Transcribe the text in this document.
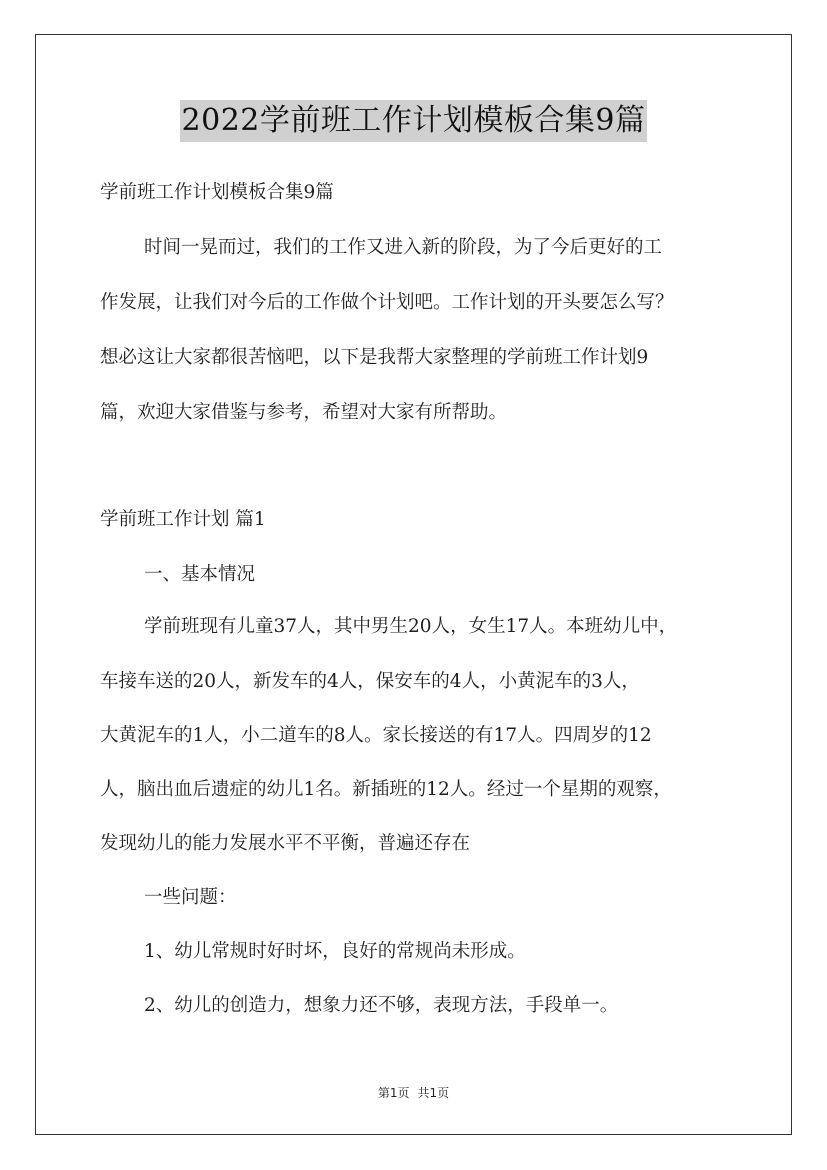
2022学前班工作计划模板合集9篇
学前班工作计划模板合集9篇
时间一晃而过，我们的工作又进入新的阶段，为了今后更好的工
作发展，让我们对今后的工作做个计划吧。工作计划的开头要怎么写？
想必这让大家都很苦恼吧，以下是我帮大家整理的学前班工作计划9
篇，欢迎大家借鉴与参考，希望对大家有所帮助。
学前班工作计划 篇1
一、基本情况
学前班现有儿童37人，其中男生20人，女生17人。本班幼儿中，
车接车送的20人，新发车的4人，保安车的4人，小黄泥车的3人，
大黄泥车的1人，小二道车的8人。家长接送的有17人。四周岁的12
人，脑出血后遗症的幼儿1名。新插班的12人。经过一个星期的观察，
发现幼儿的能力发展水平不平衡，普遍还存在
一些问题：
1、幼儿常规时好时坏，良好的常规尚未形成。
2、幼儿的创造力，想象力还不够，表现方法，手段单一。
第1页 共1页
